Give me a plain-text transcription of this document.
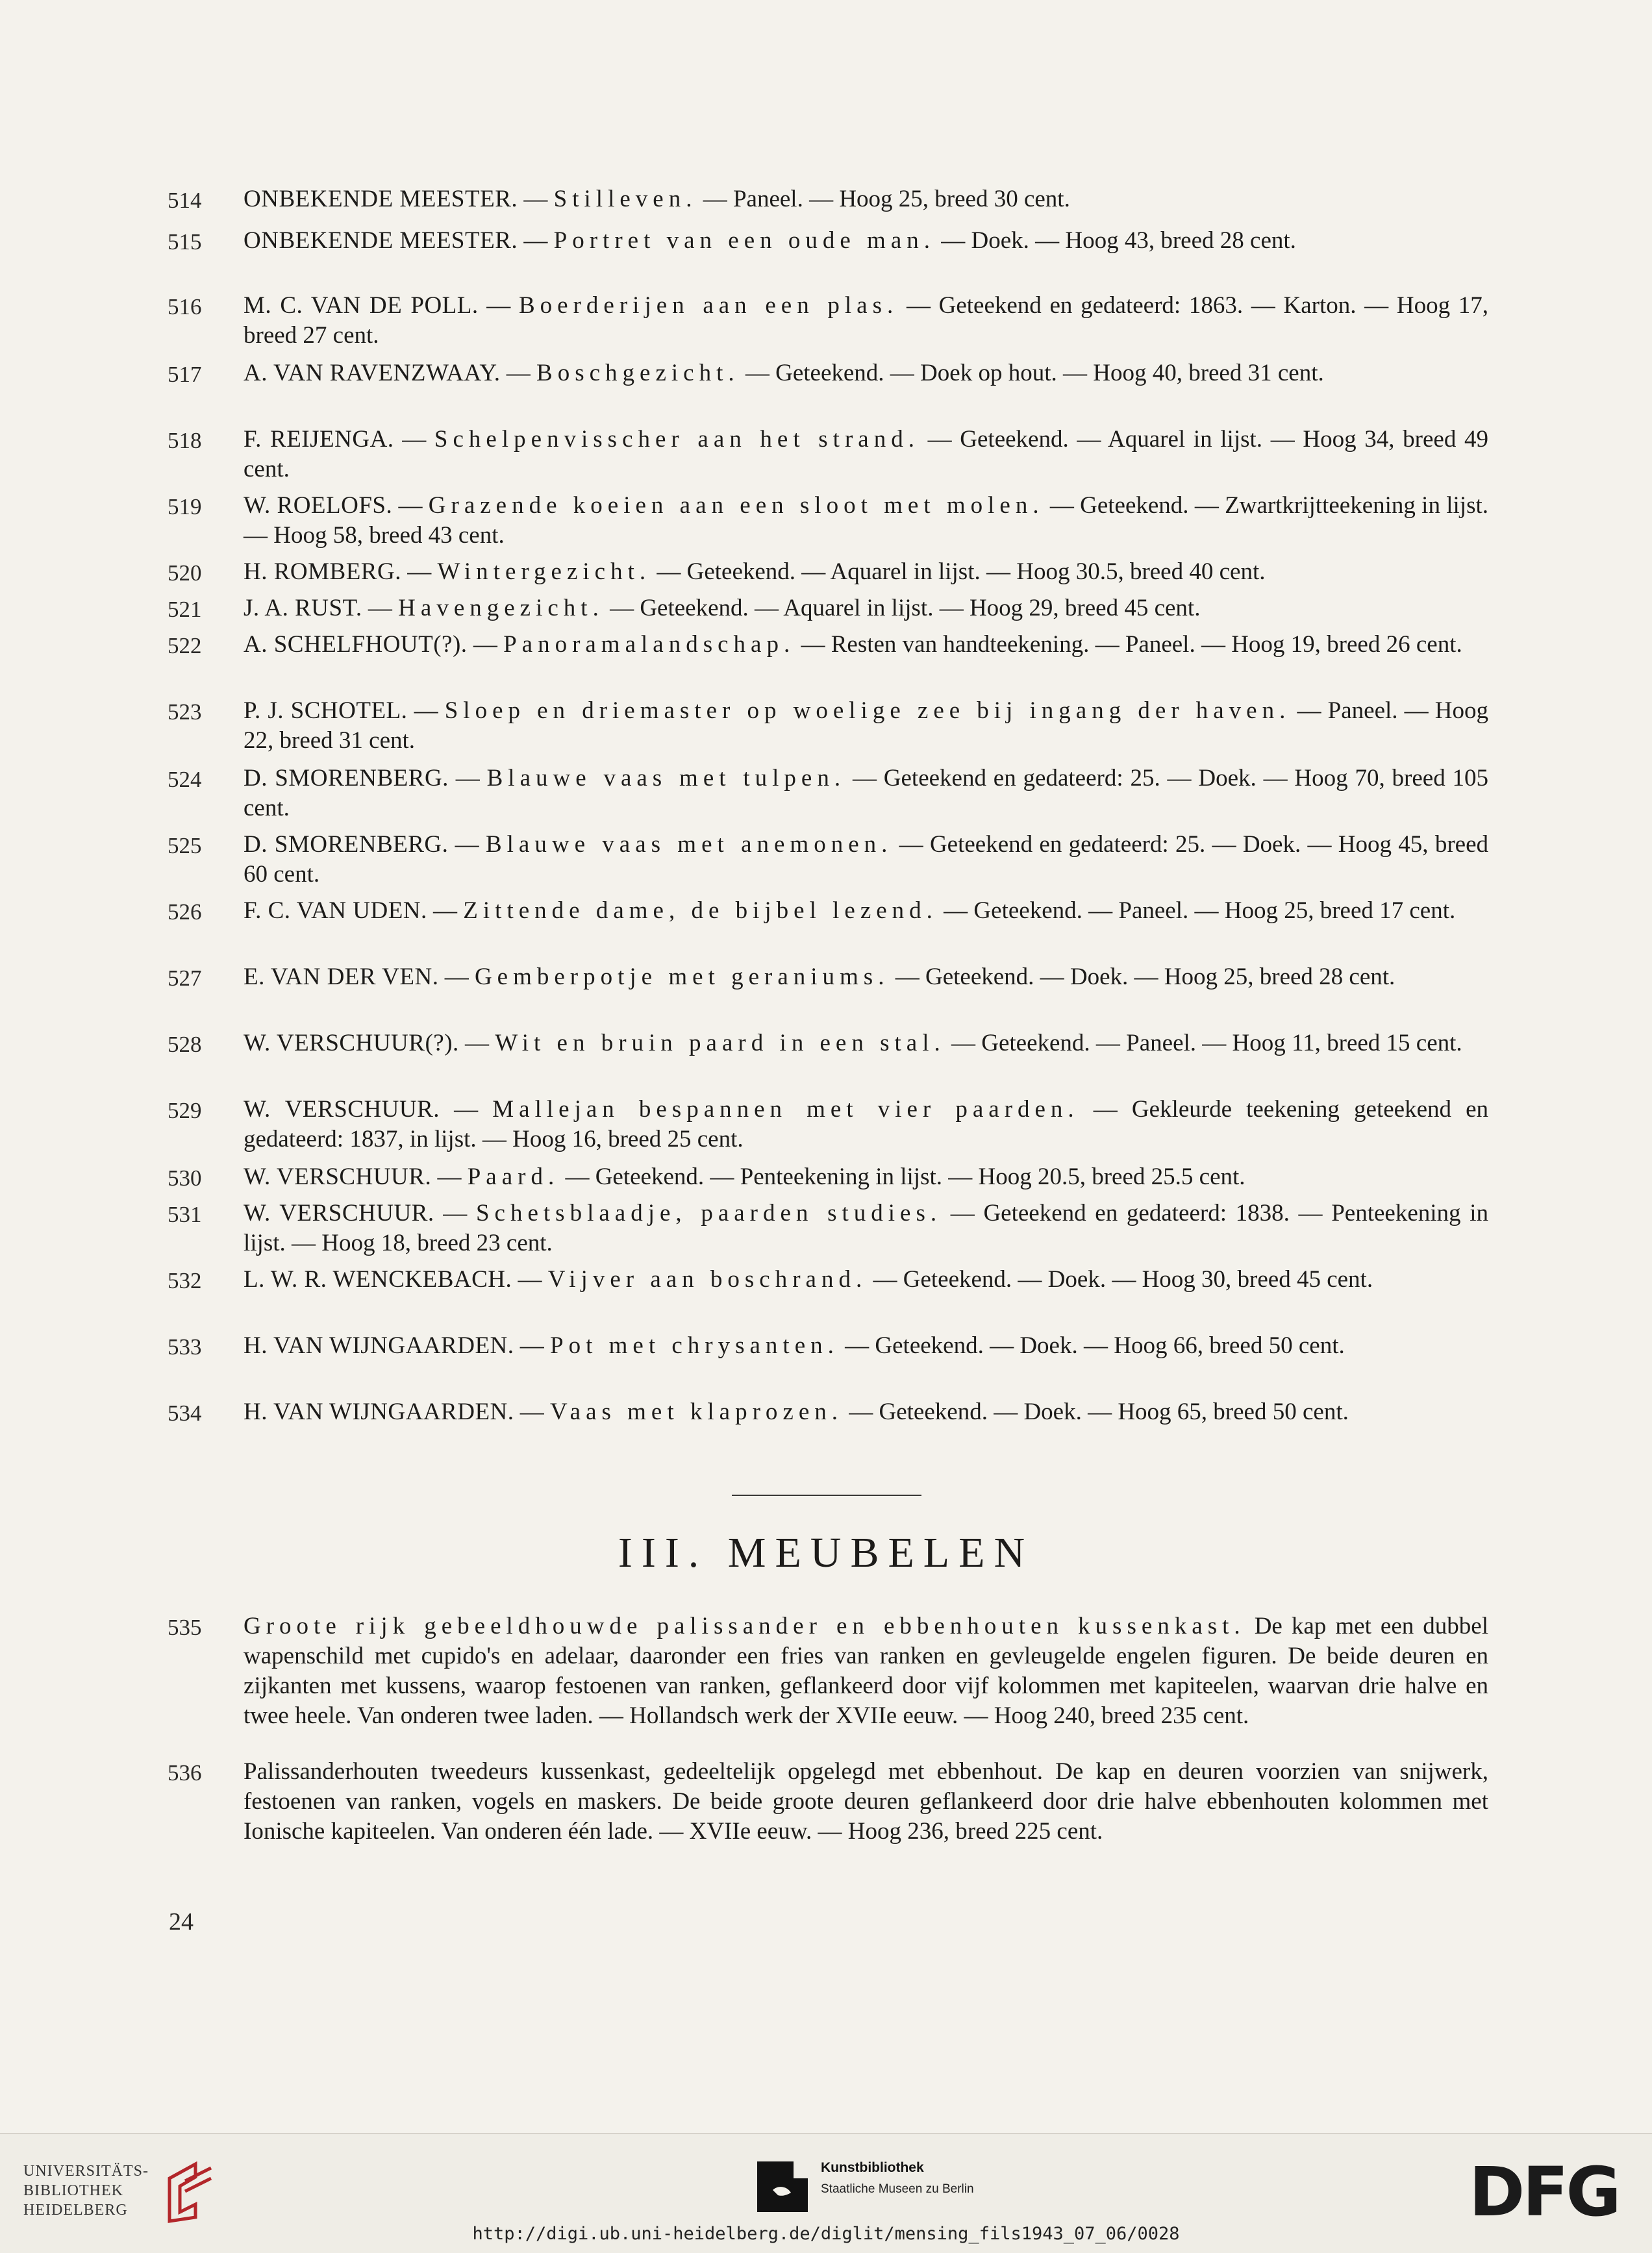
514	ONBEKENDE MEESTER. — Stilleven. — Paneel. — Hoog 25, breed 30 cent.
515	ONBEKENDE MEESTER. — Portret van een oude man. — Doek. — Hoog 43, breed 28 cent.
516	M. C. VAN DE POLL. — Boerderijen aan een plas. — Geteekend en gedateerd: 1863. — Karton. — Hoog 17, breed 27 cent.
517	A. VAN RAVENZWAAY. — Boschgezicht. — Geteekend. — Doek op hout. — Hoog 40, breed 31 cent.
518	F. REIJENGA. — Schelpenvisscher aan het strand. — Geteekend. — Aquarel in lijst. — Hoog 34, breed 49 cent.
519	W. ROELOFS. — Grazende koeien aan een sloot met molen. — Geteekend. — Zwartkrijtteekening in lijst. — Hoog 58, breed 43 cent.
520	H. ROMBERG. — Wintergezicht. — Geteekend. — Aquarel in lijst. — Hoog 30.5, breed 40 cent.
521	J. A. RUST. — Havengezicht. — Geteekend. — Aquarel in lijst. — Hoog 29, breed 45 cent.
522	A. SCHELFHOUT(?). — Panoramalandschap. — Resten van handteekening. — Paneel. — Hoog 19, breed 26 cent.
523	P. J. SCHOTEL. — Sloep en driemaster op woelige zee bij ingang der haven. — Paneel. — Hoog 22, breed 31 cent.
524	D. SMORENBERG. — Blauwe vaas met tulpen. — Geteekend en gedateerd: 25. — Doek. — Hoog 70, breed 105 cent.
525	D. SMORENBERG. — Blauwe vaas met anemonen. — Geteekend en gedateerd: 25. — Doek. — Hoog 45, breed 60 cent.
526	F. C. VAN UDEN. — Zittende dame, de bijbel lezend. — Geteekend. — Paneel. — Hoog 25, breed 17 cent.
527	E. VAN DER VEN. — Gemberpotje met geraniums. — Geteekend. — Doek. — Hoog 25, breed 28 cent.
528	W. VERSCHUUR(?). — Wit en bruin paard in een stal. — Geteekend. — Paneel. — Hoog 11, breed 15 cent.
529	W. VERSCHUUR. — Mallejan bespannen met vier paarden. — Gekleurde teekening geteekend en gedateerd: 1837, in lijst. — Hoog 16, breed 25 cent.
530	W. VERSCHUUR. — Paard. — Geteekend. — Penteekening in lijst. — Hoog 20.5, breed 25.5 cent.
531	W. VERSCHUUR. — Schetsblaadje, paarden studies. — Geteekend en gedateerd: 1838. — Penteekening in lijst. — Hoog 18, breed 23 cent.
532	L. W. R. WENCKEBACH. — Vijver aan boschrand. — Geteekend. — Doek. — Hoog 30, breed 45 cent.
533	H. VAN WIJNGAARDEN. — Pot met chrysanten. — Geteekend. — Doek. — Hoog 66, breed 50 cent.
534	H. VAN WIJNGAARDEN. — Vaas met klaprozen. — Geteekend. — Doek. — Hoog 65, breed 50 cent.
III. MEUBELEN
535	Groote rijk gebeeldhouwde palissander en ebbenhouten kussenkast. De kap met een dubbel wapenschild met cupido's en adelaar, daaronder een fries van ranken en gevleugelde engelen figuren. De beide deuren en zijkanten met kussens, waarop festoenen van ranken, geflankeerd door vijf kolommen met kapiteelen, waarvan drie halve en twee heele. Van onderen twee laden. — Hollandsch werk der XVIIe eeuw. — Hoog 240, breed 235 cent.
536	Palissanderhouten tweedeurs kussenkast, gedeeltelijk opgelegd met ebbenhout. De kap en deuren voorzien van snijwerk, festoenen van ranken, vogels en maskers. De beide groote deuren geflankeerd door drie halve ebbenhouten kolommen met Ionische kapiteelen. Van onderen één lade. — XVIIe eeuw. — Hoog 236, breed 225 cent.
24
UNIVERSITÄTS-
BIBLIOTHEK
HEIDELBERG
Kunstbibliothek
Staatliche Museen zu Berlin	DFG
http://digi.ub.uni-heidelberg.de/diglit/mensing_fils1943_07_06/0028
